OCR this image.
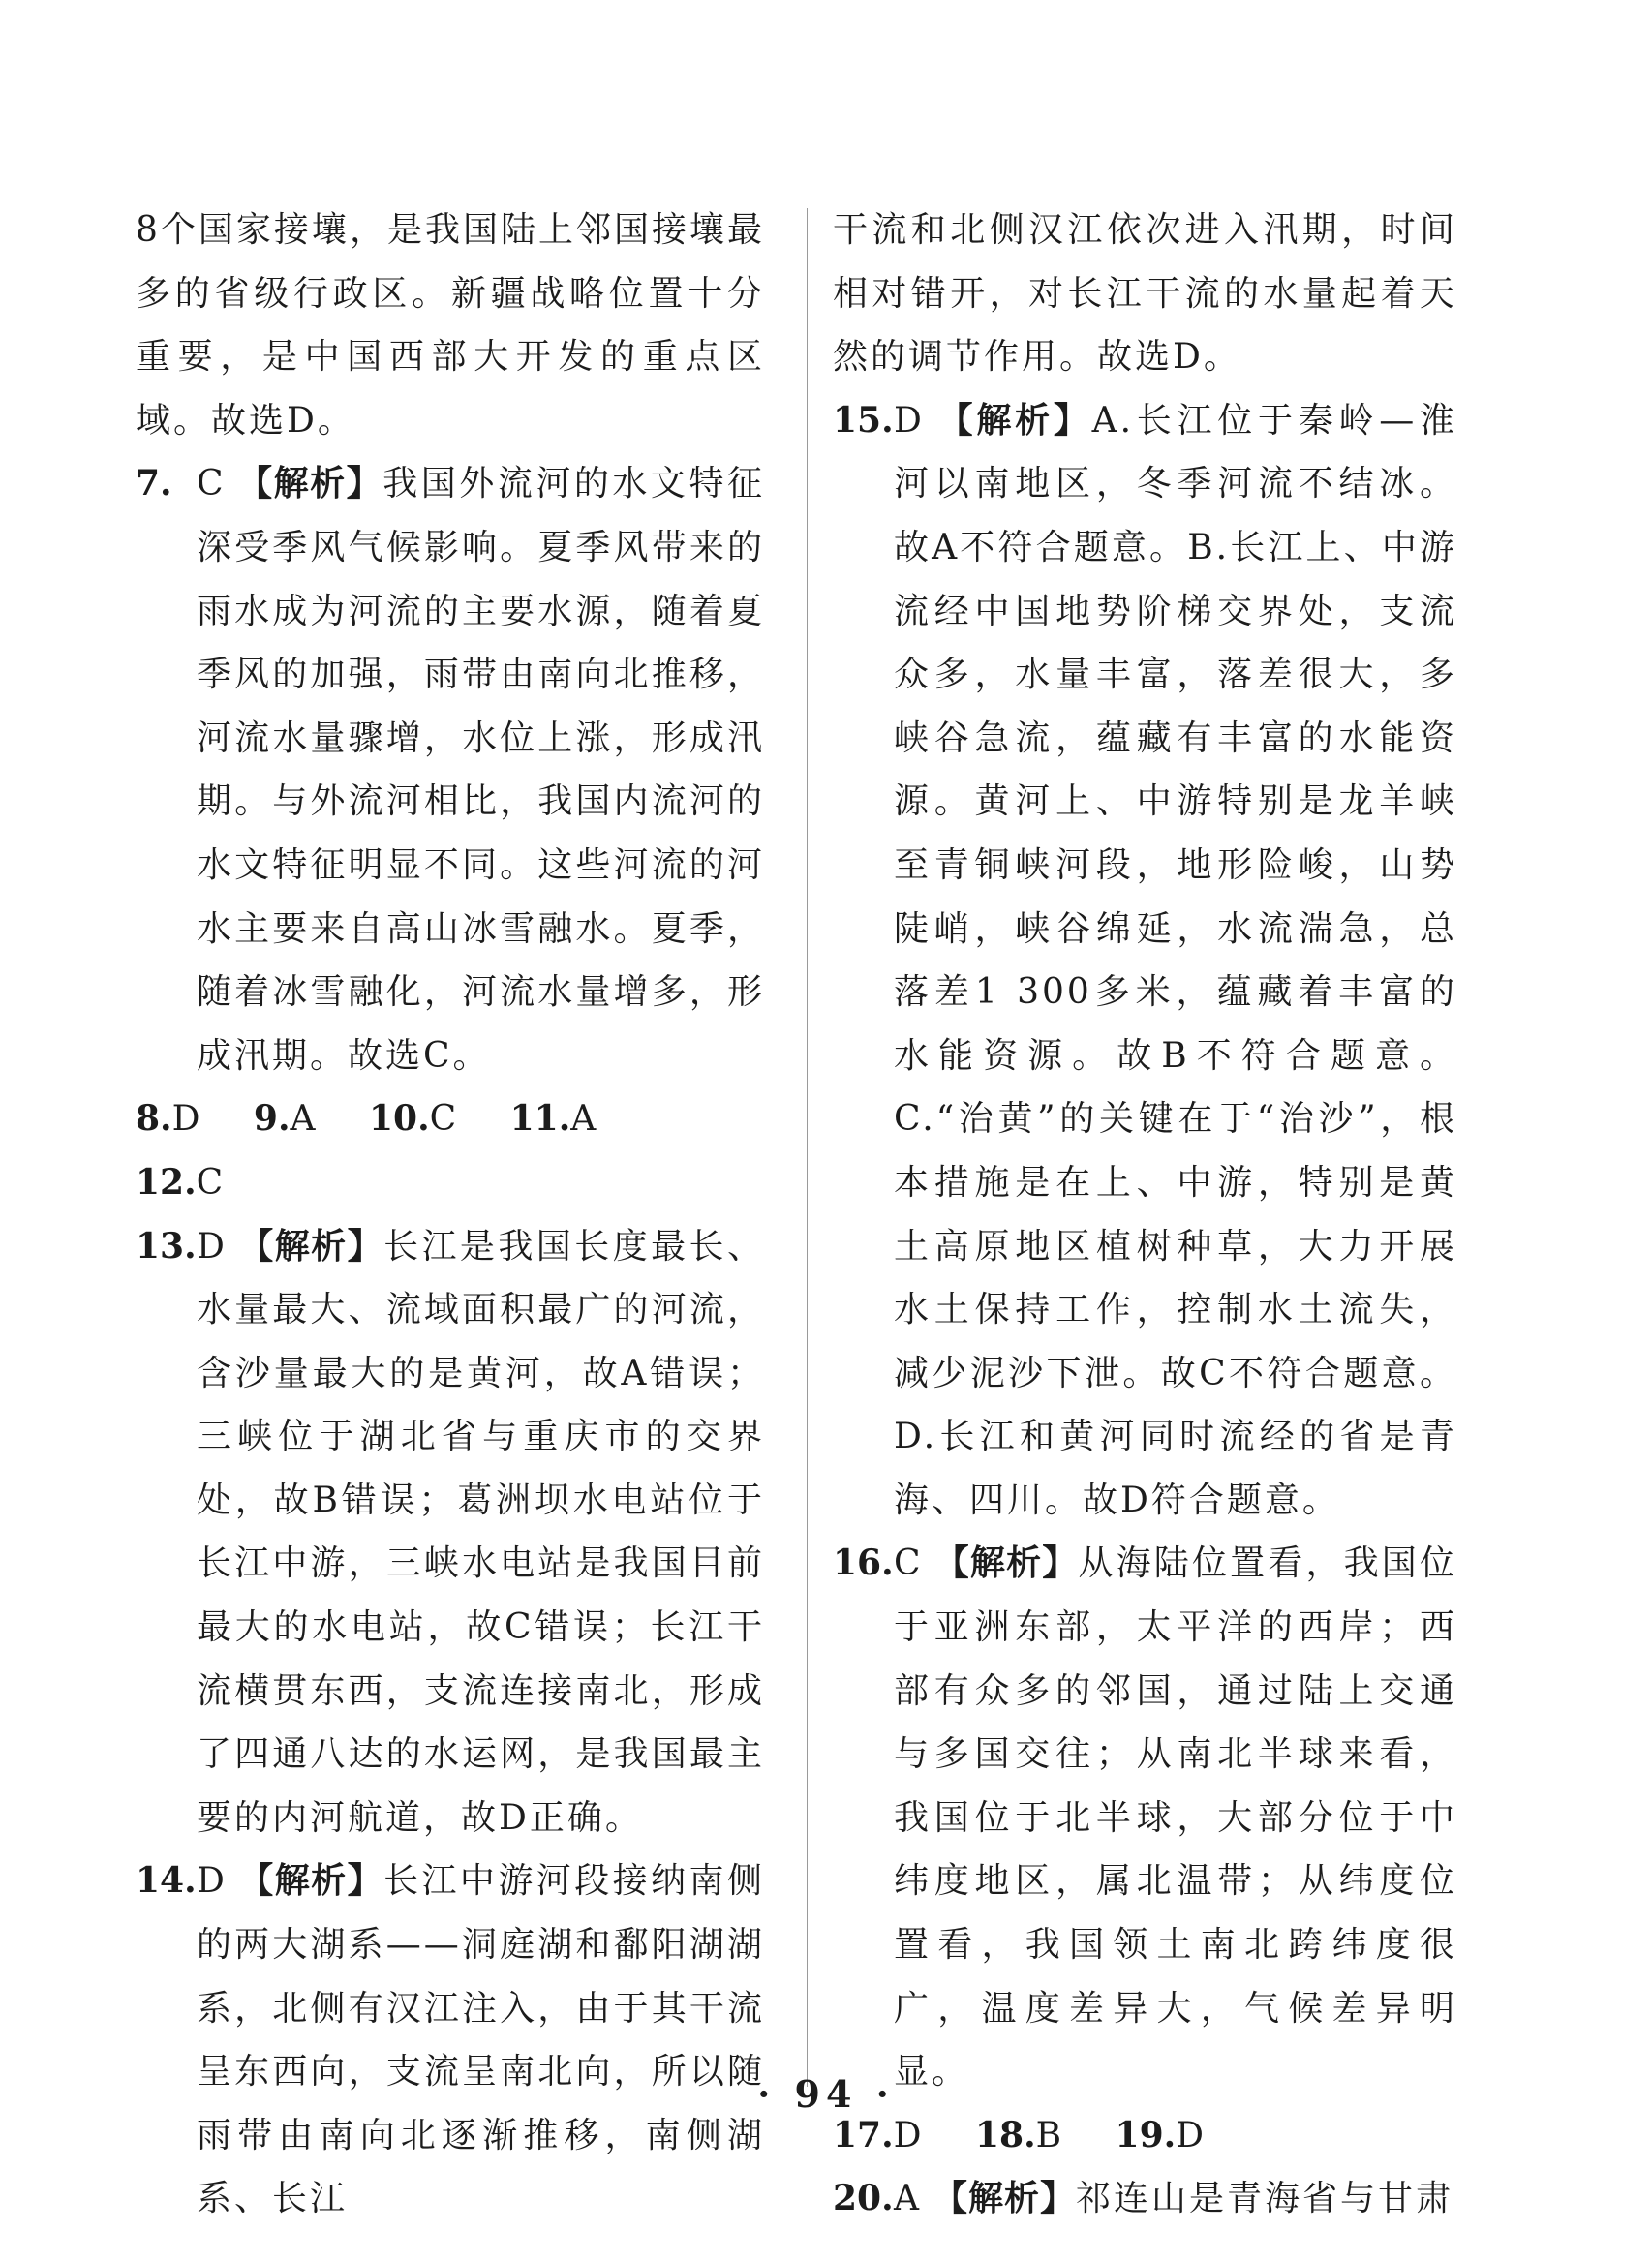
8个国家接壤，是我国陆上邻国接壤最多的省级行政区。新疆战略位置十分重要，是中国西部大开发的重点区域。故选D。
7. C 【解析】我国外流河的水文特征深受季风气候影响。夏季风带来的雨水成为河流的主要水源，随着夏季风的加强，雨带由南向北推移，河流水量骤增，水位上涨，形成汛期。与外流河相比，我国内流河的水文特征明显不同。这些河流的河水主要来自高山冰雪融水。夏季，随着冰雪融化，河流水量增多，形成汛期。故选C。
8.D 9.A 10.C 11.A 12.C
13. D 【解析】长江是我国长度最长、水量最大、流域面积最广的河流，含沙量最大的是黄河，故A错误；三峡位于湖北省与重庆市的交界处，故B错误；葛洲坝水电站位于长江中游，三峡水电站是我国目前最大的水电站，故C错误；长江干流横贯东西，支流连接南北，形成了四通八达的水运网，是我国最主要的内河航道，故D正确。
14. D 【解析】长江中游河段接纳南侧的两大湖系——洞庭湖和鄱阳湖湖系，北侧有汉江注入，由于其干流呈东西向，支流呈南北向，所以随雨带由南向北逐渐推移，南侧湖系、长江
干流和北侧汉江依次进入汛期，时间相对错开，对长江干流的水量起着天然的调节作用。故选D。
15. D 【解析】A.长江位于秦岭—淮河以南地区，冬季河流不结冰。故A不符合题意。B.长江上、中游流经中国地势阶梯交界处，支流众多，水量丰富，落差很大，多峡谷急流，蕴藏有丰富的水能资源。黄河上、中游特别是龙羊峡至青铜峡河段，地形险峻，山势陡峭，峡谷绵延，水流湍急，总落差1 300多米，蕴藏着丰富的水能资源。故B不符合题意。C.“治黄”的关键在于“治沙”，根本措施是在上、中游，特别是黄土高原地区植树种草，大力开展水土保持工作，控制水土流失，减少泥沙下泄。故C不符合题意。D.长江和黄河同时流经的省是青海、四川。故D符合题意。
16. C 【解析】从海陆位置看，我国位于亚洲东部，太平洋的西岸；西部有众多的邻国，通过陆上交通与多国交往；从南北半球来看，我国位于北半球，大部分位于中纬度地区，属北温带；从纬度位置看，我国领土南北跨纬度很广，温度差异大，气候差异明显。
17.D 18.B 19.D
20. A 【解析】祁连山是青海省与甘肃
· 94 ·
